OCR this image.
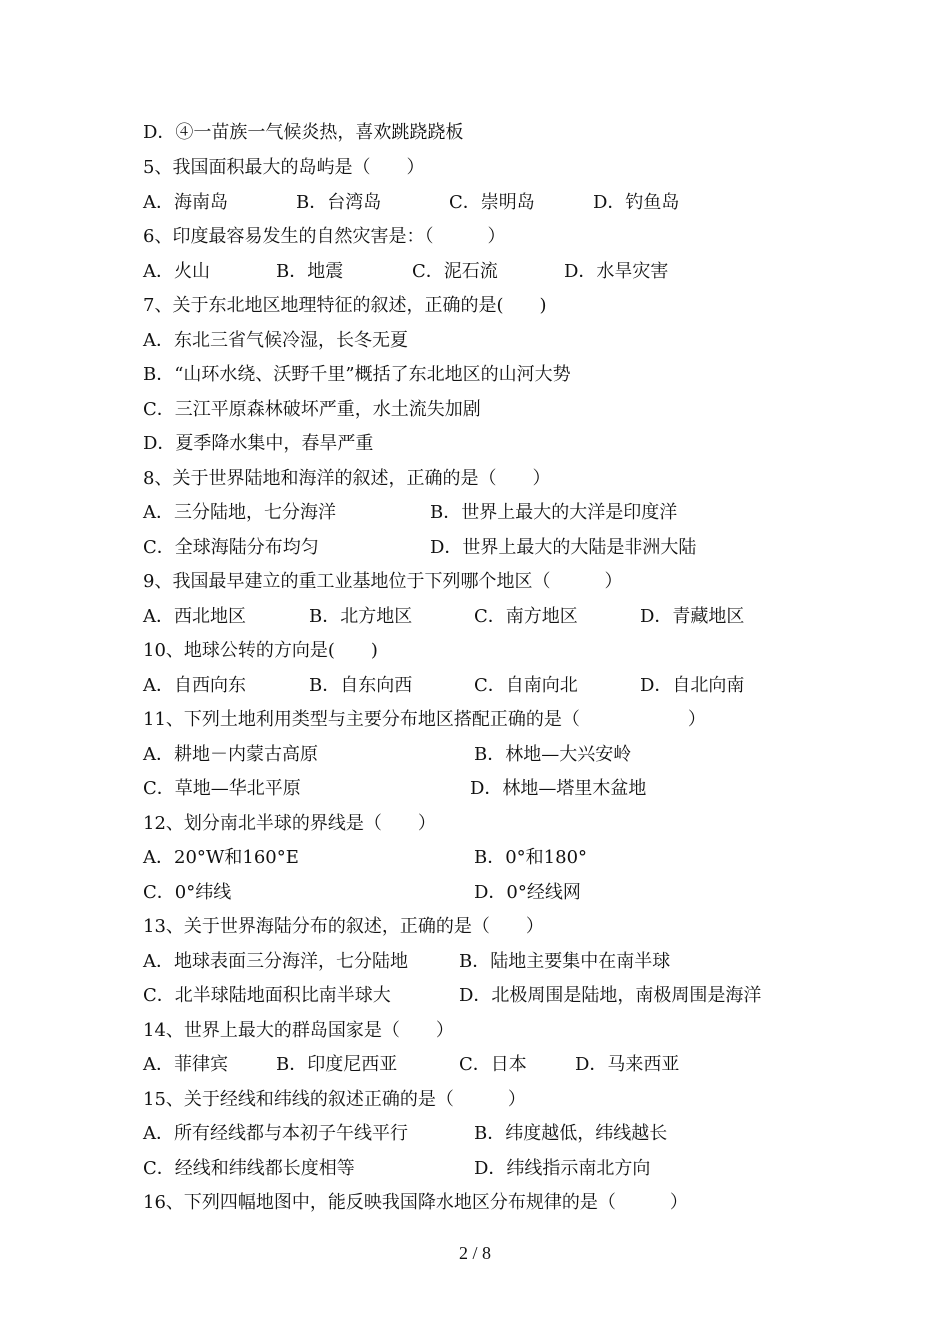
D．④一苗族一气候炎热，喜欢跳跷跷板
5、我国面积最大的岛屿是（　　）
A．海南岛	B．台湾岛	C．崇明岛	D．钓鱼岛
6、印度最容易发生的自然灾害是：（　　　）
A．火山	B．地震	C．泥石流	D．水旱灾害
7、关于东北地区地理特征的叙述，正确的是(　　)
A．东北三省气候冷湿，长冬无夏
B．“山环水绕、沃野千里”概括了东北地区的山河大势
C．三江平原森林破坏严重，水土流失加剧
D．夏季降水集中，春旱严重
8、关于世界陆地和海洋的叙述，正确的是（　　）
A．三分陆地，七分海洋	B．世界上最大的大洋是印度洋
C．全球海陆分布均匀	D．世界上最大的大陆是非洲大陆
9、我国最早建立的重工业基地位于下列哪个地区（　　　）
A．西北地区	B．北方地区	C．南方地区	D．青藏地区
10、地球公转的方向是(　　)
A．自西向东	B．自东向西	C．自南向北	D．自北向南
11、下列土地利用类型与主要分布地区搭配正确的是（　　　　　　）
A．耕地－内蒙古高原	B．林地—大兴安岭
C．草地—华北平原	D．林地—塔里木盆地
12、划分南北半球的界线是（　　）
A．20°W和160°E	B．0°和180°
C．0°纬线	D．0°经线网
13、关于世界海陆分布的叙述，正确的是（　　）
A．地球表面三分海洋，七分陆地	B．陆地主要集中在南半球
C．北半球陆地面积比南半球大	D．北极周围是陆地，南极周围是海洋
14、世界上最大的群岛国家是（　　）
A．菲律宾	B．印度尼西亚	C．日本	D．马来西亚
15、关于经线和纬线的叙述正确的是（　　　）
A．所有经线都与本初子午线平行	B．纬度越低，纬线越长
C．经线和纬线都长度相等	D．纬线指示南北方向
16、下列四幅地图中，能反映我国降水地区分布规律的是（　　　）
2 / 8
